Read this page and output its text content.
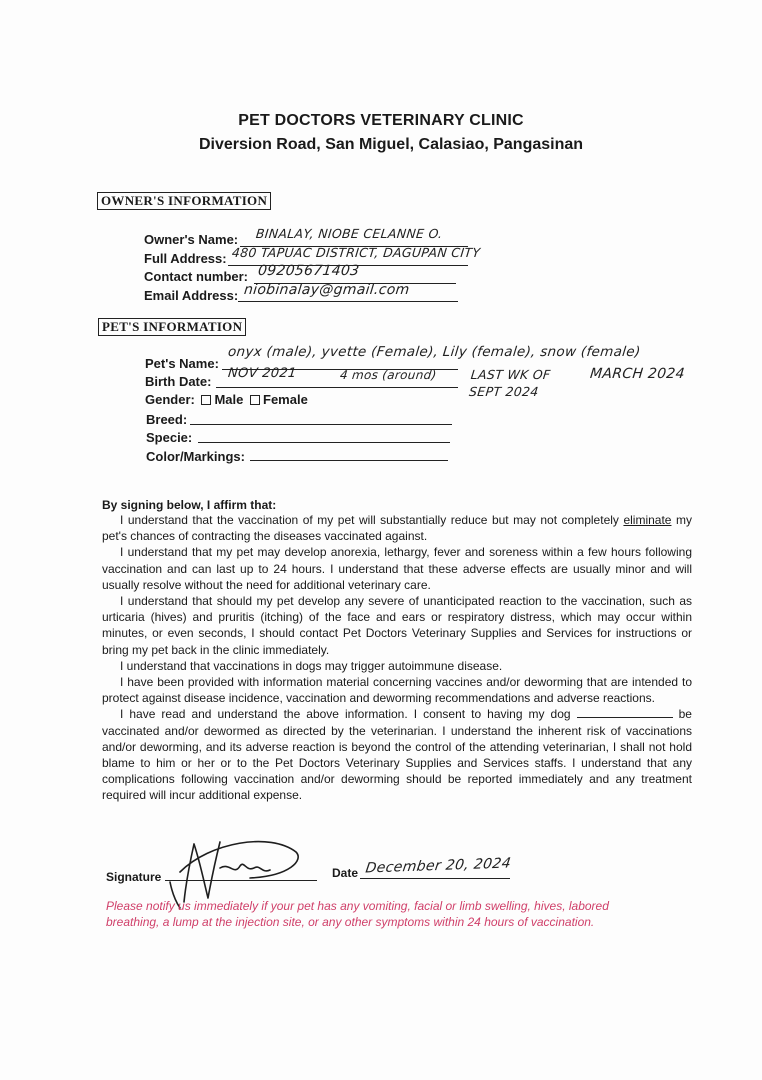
PET DOCTORS VETERINARY CLINIC
Diversion Road, San Miguel, Calasiao, Pangasinan
OWNER'S INFORMATION
Owner's Name: BINALAY, NIOBE CELANNE O.
Full Address: 480 TAPUAC DISTRICT, DAGUPAN CITY
Contact number: 09205671403
Email Address: niobinalay@gmail.com
PET'S INFORMATION
Pet's Name:
onyx (male), yvette (Female), Lily (female), snow (female)
Birth Date:
NOV 2021	4 mos (around)	LAST WK OF SEPT 2024
MARCH 2024
Gender: Male Female
Breed:
Specie:
Color/Markings:
By signing below, I affirm that:

I understand that the vaccination of my pet will substantially reduce but may not completely eliminate my pet's chances of contracting the diseases vaccinated against.

I understand that my pet may develop anorexia, lethargy, fever and soreness within a few hours following vaccination and can last up to 24 hours. I understand that these adverse effects are usually minor and will usually resolve without the need for additional veterinary care.

I understand that should my pet develop any severe of unanticipated reaction to the vaccination, such as urticaria (hives) and pruritis (itching) of the face and ears or respiratory distress, which may occur within minutes, or even seconds, I should contact Pet Doctors Veterinary Supplies and Services for instructions or bring my pet back in the clinic immediately.

I understand that vaccinations in dogs may trigger autoimmune disease.

I have been provided with information material concerning vaccines and/or deworming that are intended to protect against disease incidence, vaccination and deworming recommendations and adverse reactions.

I have read and understand the above information. I consent to having my dog	be vaccinated and/or dewormed as directed by the veterinarian. I understand the inherent risk of vaccinations and/or deworming, and its adverse reaction is beyond the control of the attending veterinarian, I shall not hold blame to him or her or to the Pet Doctors Veterinary Supplies and Services staffs. I understand that any complications following vaccination and/or deworming should be reported immediately and any treatment required will incur additional expense.

Signature	Date December 20, 2024
Please notify us immediately if your pet has any vomiting, facial or limb swelling, hives, labored breathing, a lump at the injection site, or any other symptoms within 24 hours of vaccination.
